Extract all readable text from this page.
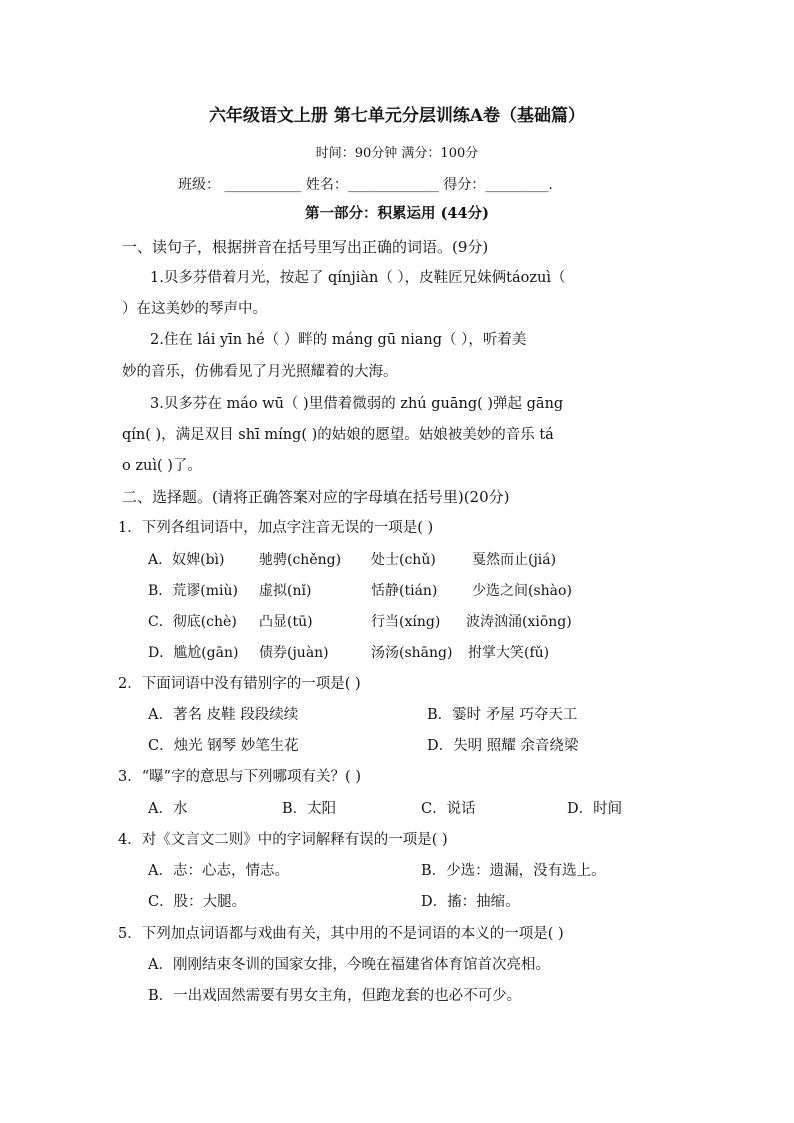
六年级语文上册 第七单元分层训练A卷（基础篇）
时间：90分钟 满分：100分
班级： ___________ 姓名：_____________ 得分：_________.
第一部分：积累运用 (44分)
一、读句子，根据拼音在括号里写出正确的词语。(9分)
1.贝多芬借着月光，按起了 qínjiàn（ ），皮鞋匠兄妹俩táozuì（
）在这美妙的琴声中。
2.住在 lái yīn hé（ ）畔的 máng gū niang（ ），听着美
妙的音乐，仿佛看见了月光照耀着的大海。
3.贝多芬在 máo wū（ )里借着微弱的 zhú guāng( )弹起 gāng
qín( )，满足双目 shī míng( )的姑娘的愿望。姑娘被美妙的音乐 tá
o zuì( )了。
二、选择题。(请将正确答案对应的字母填在括号里)(20分)
1．下列各组词语中，加点字注音无误的一项是( )
A．奴婢(bì) 驰骋(chěng) 处士(chǔ)	戛然而止(jiá)
B．荒谬(miù) 虚拟(nǐ)	恬静(tián) 少选之间(shào)
C．彻底(chè) 凸显(tū)	行当(xíng) 波涛汹涌(xiōng)
D．尴尬(gān) 债券(juàn)	汤汤(shāng) 拊掌大笑(fǔ)
2．下面词语中没有错别字的一项是( )
A．著名 皮鞋 段段续续	B．霎时 矛屋 巧夺天工
C．烛光 钢琴 妙笔生花	D．失明 照耀 余音绕梁
3．“曝”字的意思与下列哪项有关？( )
A．水	B．太阳	C．说话	D．时间
4．对《文言文二则》中的字词解释有误的一项是( )
A．志：心志，情志。	B．少选：遗漏，没有选上。
C．股：大腿。	D．搐：抽缩。
5．下列加点词语都与戏曲有关，其中用的不是词语的本义的一项是( )
A．刚刚结束冬训的国家女排，今晚在福建省体育馆首次亮相。
B．一出戏固然需要有男女主角，但跑龙套的也必不可少。
